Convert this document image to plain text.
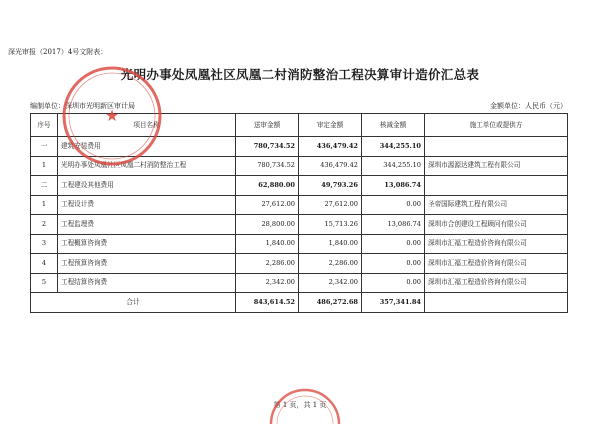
深光审报（2017）4号文附表：
光明办事处凤凰社区凤凰二村消防整治工程决算审计造价汇总表
编制单位：深圳市光明新区审计局	金额单位：人民币（元）
序号	项目名称	送审金额	审定金额	核减金额	施工单位或提供方
一	建筑安装费用	780,734.52	436,479.42	344,255.10	
1	光明办事处凤凰社区凤凰二村消防整治工程	780,734.52	436,479.42	344,255.10	深圳市源源达建筑工程有限公司
二	工程建设其他费用	62,880.00	49,793.26	13,086.74	
1	工程设计费	27,612.00	27,612.00	0.00	圣帝国际建筑工程有限公司
2	工程监理费	28,800.00	15,713.26	13,086.74	深圳市合创建设工程顾问有限公司
3	工程概算咨询费	1,840.00	1,840.00	0.00	深圳市汇福工程造价咨询有限公司
4	工程预算咨询费	2,286.00	2,286.00	0.00	深圳市汇福工程造价咨询有限公司
5	工程结算咨询费	2,342.00	2,342.00	0.00	深圳市汇福工程造价咨询有限公司
合计		843,614.52	486,272.68	357,341.84	
第 1 页，共 1 页
★
